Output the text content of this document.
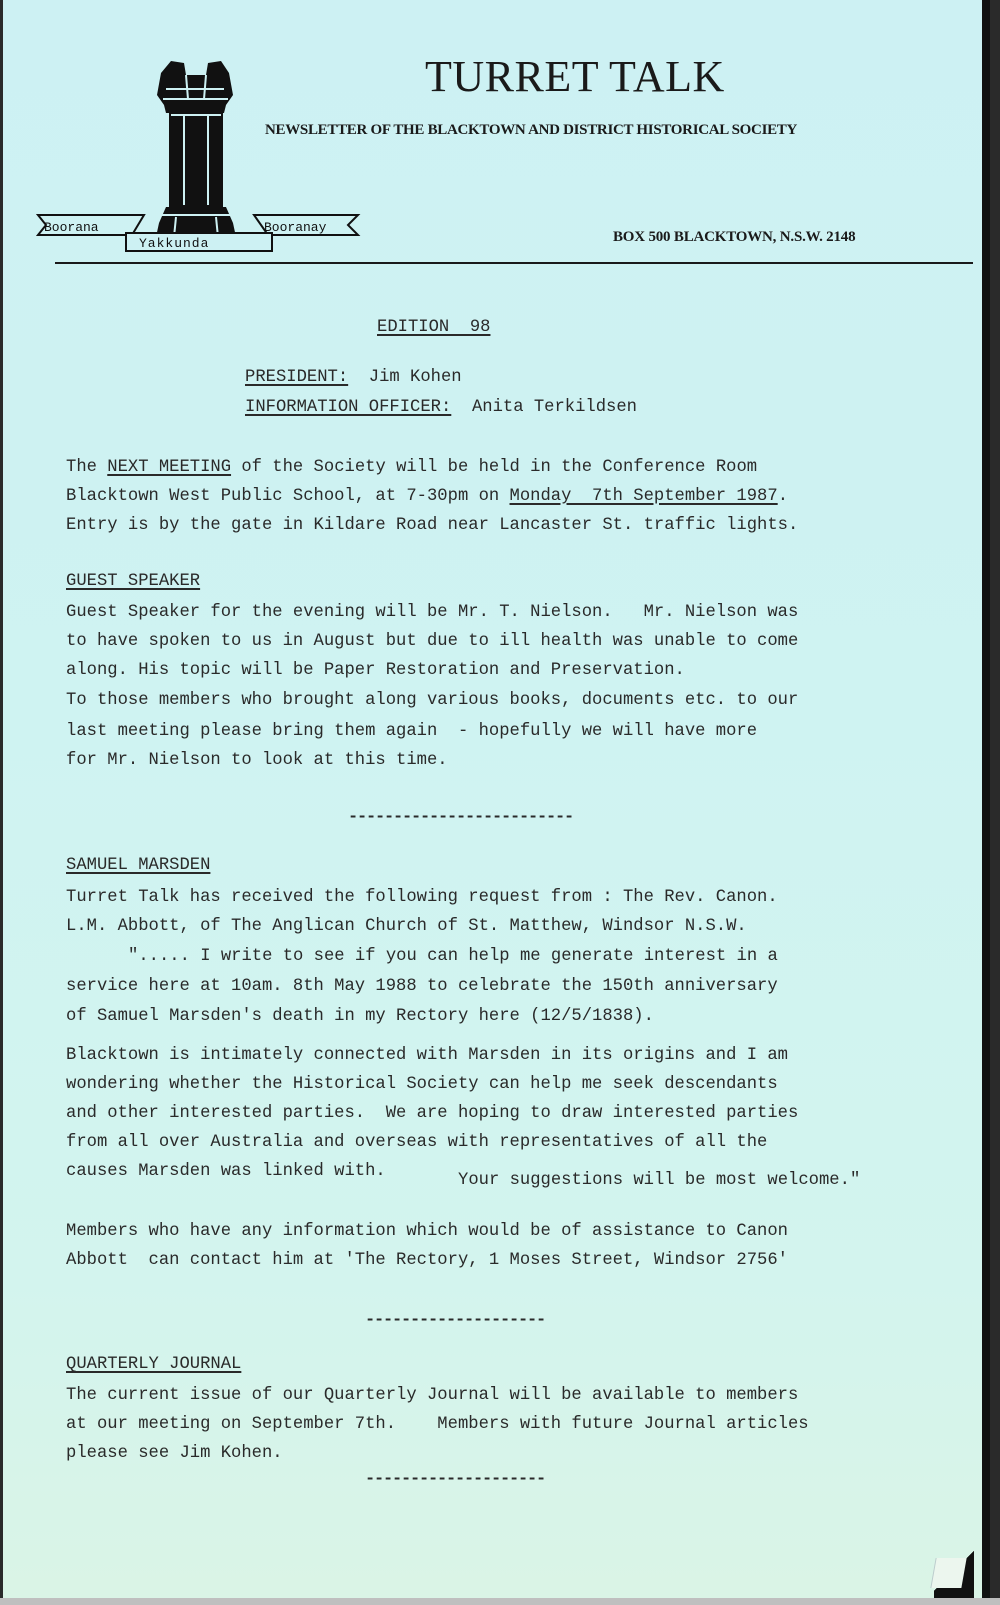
Boorana	Booranay
Yakkunda
TURRET TALK
NEWSLETTER OF THE BLACKTOWN AND DISTRICT HISTORICAL SOCIETY
BOX 500 BLACKTOWN, N.S.W. 2148
EDITION  98
PRESIDENT: Jim Kohen
INFORMATION OFFICER: Anita Terkildsen
The NEXT MEETING of the Society will be held in the Conference Room
Blacktown West Public School, at 7-30pm on Monday  7th September 1987.
Entry is by the gate in Kildare Road near Lancaster St. traffic lights.
GUEST SPEAKER
Guest Speaker for the evening will be Mr. T. Nielson.   Mr. Nielson was
to have spoken to us in August but due to ill health was unable to come
along. His topic will be Paper Restoration and Preservation.
To those members who brought along various books, documents etc. to our
last meeting please bring them again  - hopefully we will have more
for Mr. Nielson to look at this time.
-------------------------
SAMUEL MARSDEN
Turret Talk has received the following request from : The Rev. Canon.
L.M. Abbott, of The Anglican Church of St. Matthew, Windsor N.S.W.
"..... I write to see if you can help me generate interest in a
service here at 10am. 8th May 1988 to celebrate the 150th anniversary
of Samuel Marsden's death in my Rectory here (12/5/1838).
Blacktown is intimately connected with Marsden in its origins and I am
wondering whether the Historical Society can help me seek descendants
and other interested parties.  We are hoping to draw interested parties
from all over Australia and overseas with representatives of all the
causes Marsden was linked with.	Your suggestions will be most welcome."
Members who have any information which would be of assistance to Canon
Abbott  can contact him at 'The Rectory, 1 Moses Street, Windsor 2756'
--------------------
QUARTERLY JOURNAL
The current issue of our Quarterly Journal will be available to members
at our meeting on September 7th.    Members with future Journal articles
please see Jim Kohen.
--------------------
